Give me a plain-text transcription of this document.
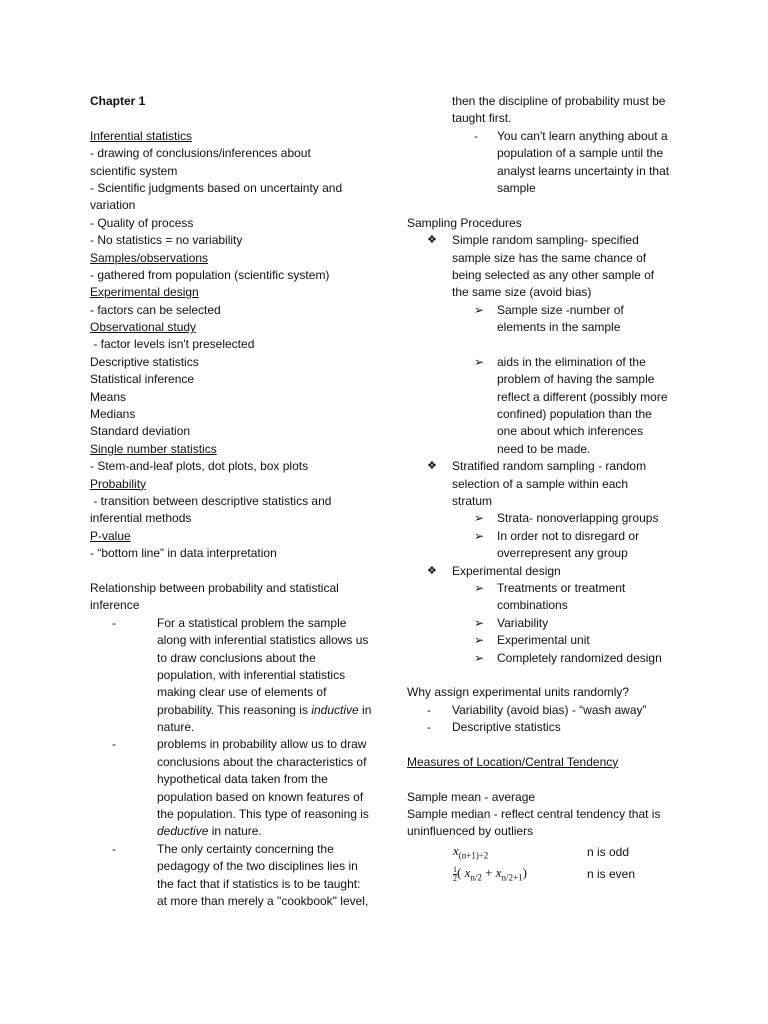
Chapter 1
Inferential statistics
- drawing of conclusions/inferences about
scientific system
- Scientific judgments based on uncertainty and
variation
- Quality of process
- No statistics = no variability
Samples/observations
- gathered from population (scientific system)
Experimental design
- factors can be selected
Observational study
- factor levels isn't preselected
Descriptive statistics
Statistical inference
Means
Medians
Standard deviation
Single number statistics
- Stem-and-leaf plots, dot plots, box plots
Probability
- transition between descriptive statistics and
inferential methods
P-value
- “bottom line” in data interpretation
Relationship between probability and statistical
inference
-	For a statistical problem the sample
along with inferential statistics allows us
to draw conclusions about the
population, with inferential statistics
making clear use of elements of
probability. This reasoning is inductive in
nature.
-	problems in probability allow us to draw
conclusions about the characteristics of
hypothetical data taken from the
population based on known features of
the population. This type of reasoning is
deductive in nature.
-	The only certainty concerning the
pedagogy of the two disciplines lies in
the fact that if statistics is to be taught:
at more than merely a "cookbook" level,
then the discipline of probability must be
taught first.
-	You can't learn anything about a
population of a sample until the
analyst learns uncertainty in that
sample
Sampling Procedures
❖	Simple random sampling- specified
sample size has the same chance of
being selected as any other sample of
the same size (avoid bias)
➢	Sample size -number of
elements in the sample
➢	aids in the elimination of the
problem of having the sample
reflect a different (possibly more
confined) population than the
one about which inferences
need to be made.
❖	Stratified random sampling - random
selection of a sample within each
stratum
➢	Strata- nonoverlapping groups
➢	In order not to disregard or
overrepresent any group
❖	Experimental design
➢	Treatments or treatment
combinations
➢	Variability
➢	Experimental unit
➢	Completely randomized design
Why assign experimental units randomly?
-	Variability (avoid bias) - “wash away”
-	Descriptive statistics
Measures of Location/Central Tendency
Sample mean - average
Sample median - reflect central tendency that is
uninfluenced by outliers
$x_{(n+1)\div 2}$	n is odd
$\frac{1}{2}$ ( $x_{n/2} + x_{n/2+1}$)	n is even
